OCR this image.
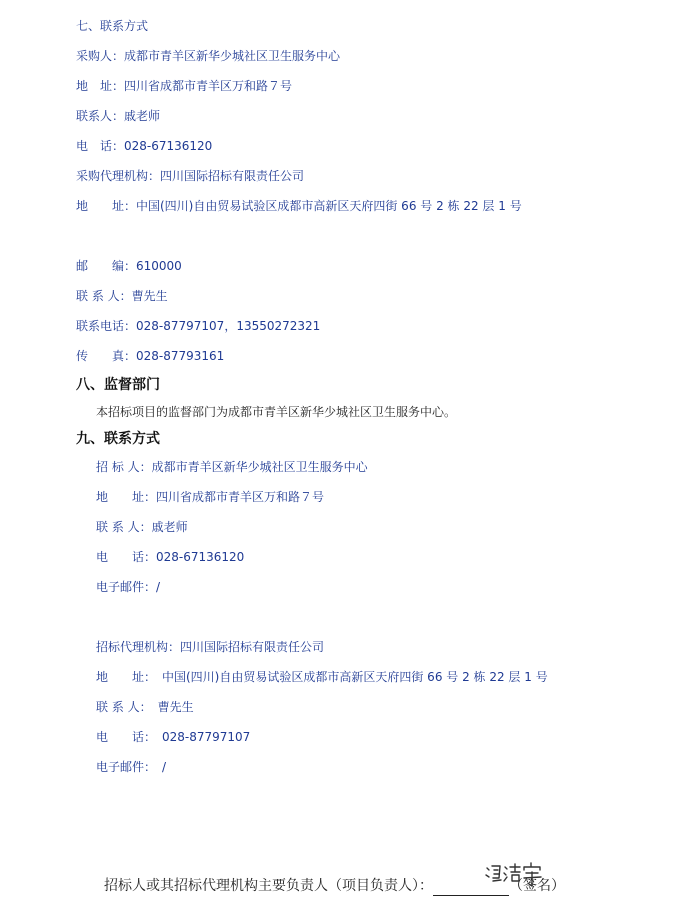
七、联系方式
采购人：成都市青羊区新华少城社区卫生服务中心
地　址：四川省成都市青羊区万和路７号
联系人：戚老师
电　话：028-67136120
采购代理机构：四川国际招标有限责任公司
地　　址：中国(四川)自由贸易试验区成都市高新区天府四街 66 号 2 栋 22 层 1 号
邮　　编：610000
联 系 人：曹先生
联系电话：028-87797107，13550272321
传　　真：028-87793161
八、监督部门
本招标项目的监督部门为成都市青羊区新华少城社区卫生服务中心。
九、联系方式
招 标 人：成都市青羊区新华少城社区卫生服务中心
地　　址：四川省成都市青羊区万和路７号
联 系 人：戚老师
电　　话：028-67136120
电子邮件：/
招标代理机构：四川国际招标有限责任公司
地　　址：　中国(四川)自由贸易试验区成都市高新区天府四街 66 号 2 栋 22 层 1 号
联 系 人：　曹先生
电　　话：　028-87797107
电子邮件：　/
招标人或其招标代理机构主要负责人（项目负责人）：	（签名）
